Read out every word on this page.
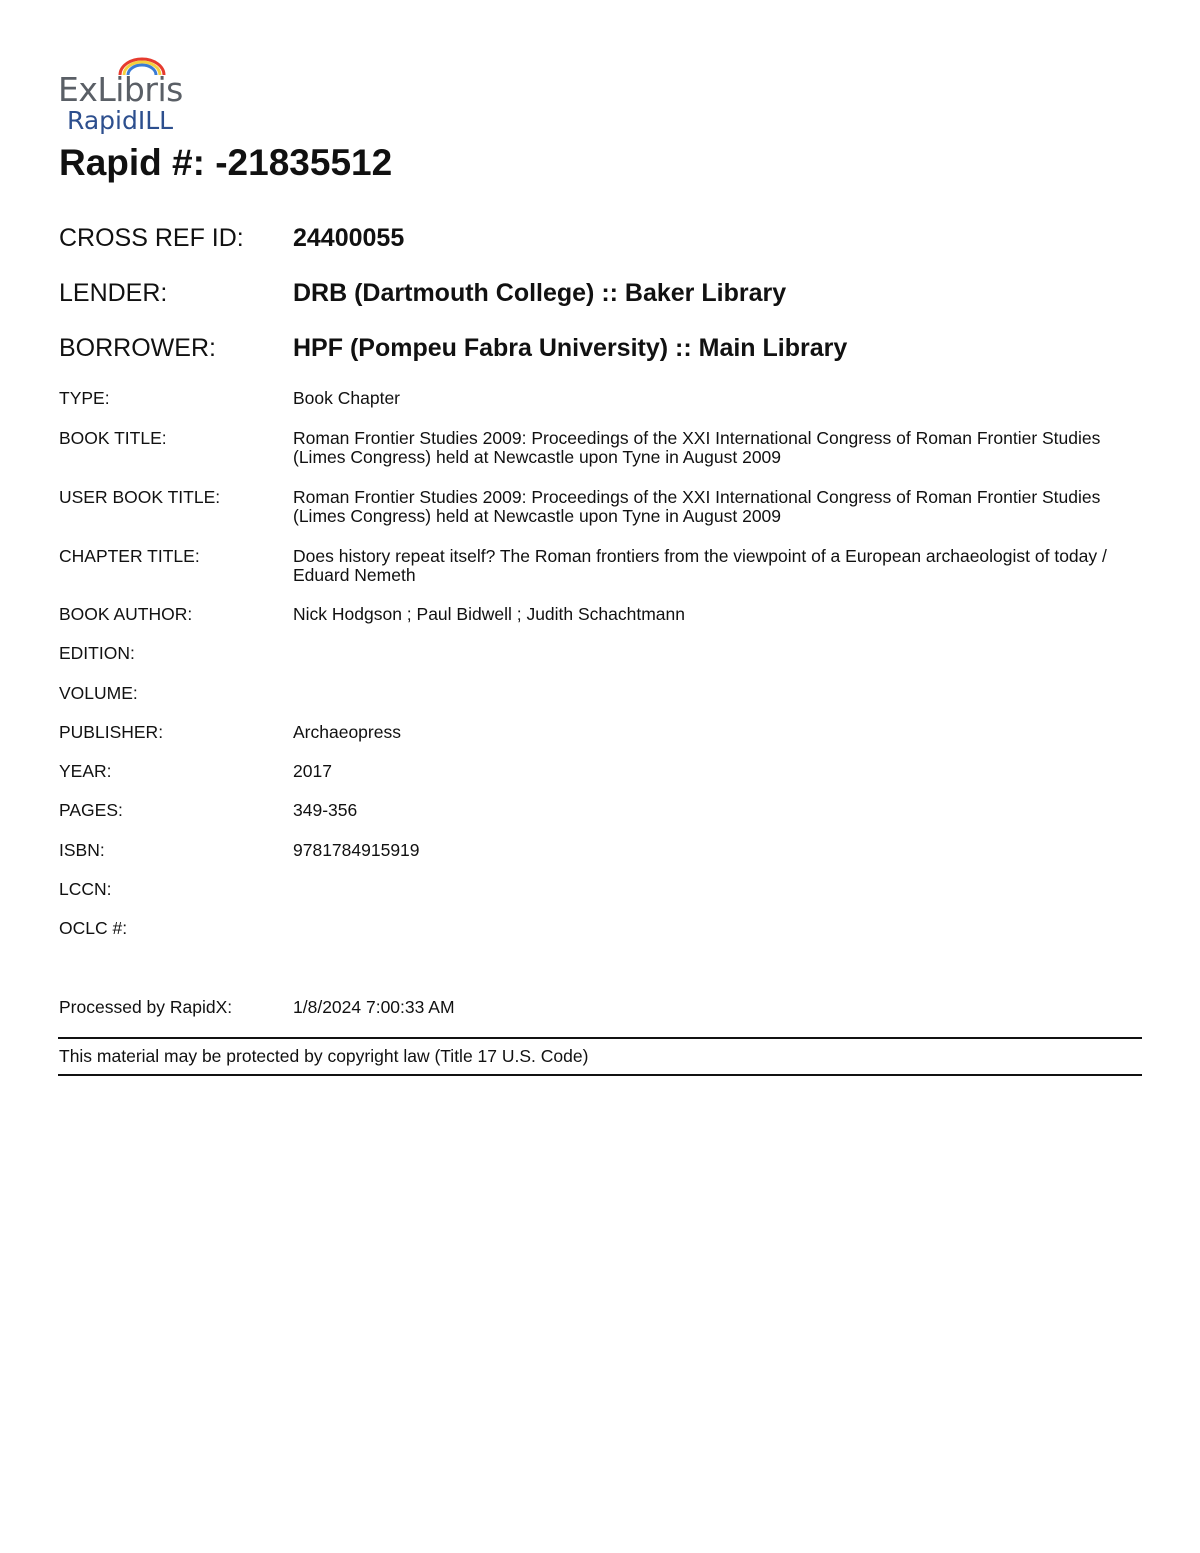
ExLibris
RapidILL
Rapid #: -21835512
CROSS REF ID: 24400055
LENDER:	DRB (Dartmouth College) :: Baker Library
BORROWER:	HPF (Pompeu Fabra University) :: Main Library
TYPE:	Book Chapter
BOOK TITLE:	Roman Frontier Studies 2009: Proceedings of the XXI International Congress of Roman Frontier Studies (Limes Congress) held at Newcastle upon Tyne in August 2009
USER BOOK TITLE:	Roman Frontier Studies 2009: Proceedings of the XXI International Congress of Roman Frontier Studies (Limes Congress) held at Newcastle upon Tyne in August 2009
CHAPTER TITLE:	Does history repeat itself? The Roman frontiers from the viewpoint of a European archaeologist of today / Eduard Nemeth
BOOK AUTHOR:	Nick Hodgson ; Paul Bidwell ; Judith Schachtmann
EDITION:
VOLUME:
PUBLISHER:	Archaeopress
YEAR:	2017
PAGES:	349-356
ISBN:	9781784915919
LCCN:
OCLC #:
Processed by RapidX:	1/8/2024 7:00:33 AM
This material may be protected by copyright law (Title 17 U.S. Code)
